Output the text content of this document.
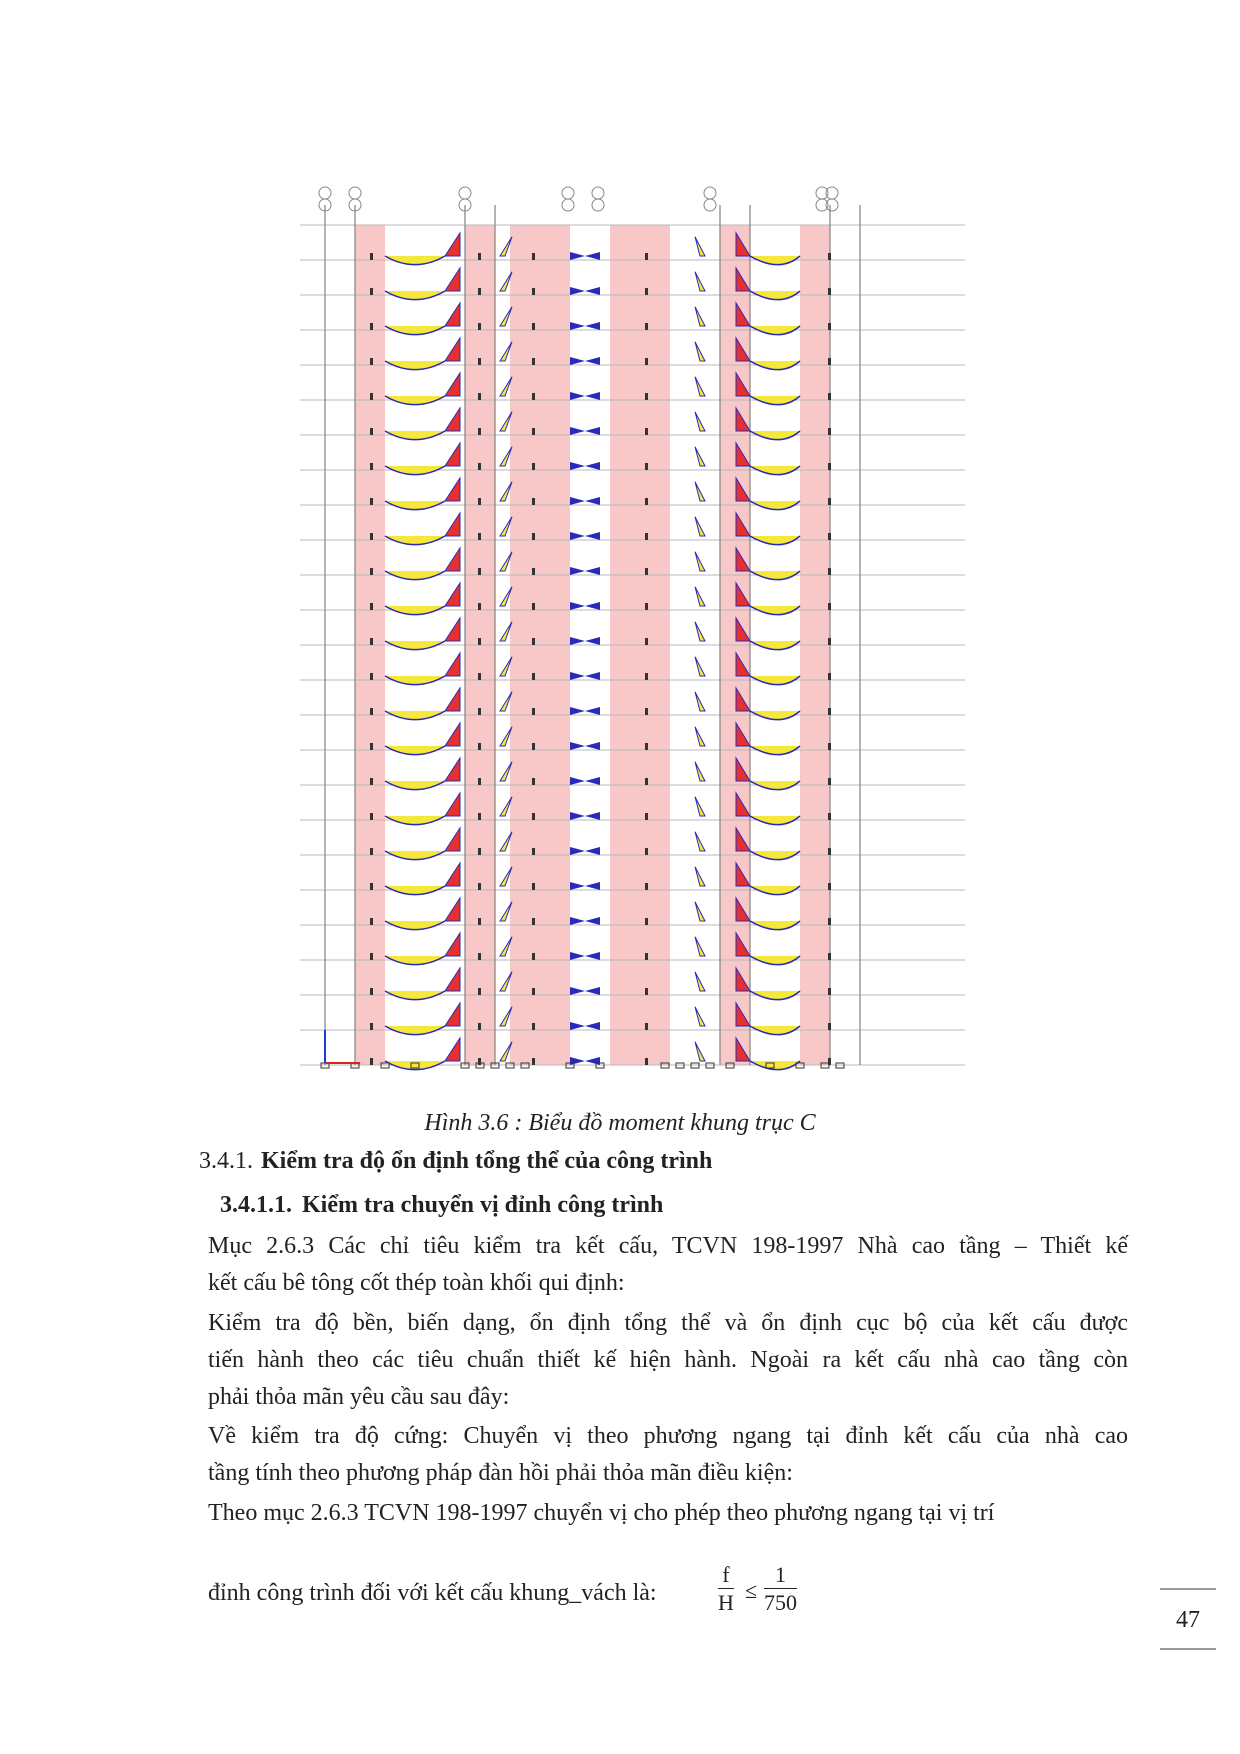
Hình 3.6 : Biểu đồ moment khung trục C
3.4.1. Kiểm tra độ ổn định tổng thể của công trình
3.4.1.1. Kiểm tra chuyển vị đỉnh công trình
Mục 2.6.3 Các chỉ tiêu kiểm tra kết cấu, TCVN 198-1997 Nhà cao tầng – Thiết kế
kết cấu bê tông cốt thép toàn khối qui định:
Kiểm tra độ bền, biến dạng, ổn định tổng thể và ổn định cục bộ của kết cấu được
tiến hành theo các tiêu chuẩn thiết kế hiện hành. Ngoài ra kết cấu nhà cao tầng còn
phải thỏa mãn yêu cầu sau đây:
Về kiểm tra độ cứng: Chuyển vị theo phương ngang tại đỉnh kết cấu của nhà cao
tầng tính theo phương pháp đàn hồi phải thỏa mãn điều kiện:
Theo mục 2.6.3 TCVN 198-1997 chuyển vị cho phép theo phương ngang tại vị trí
đỉnh công trình đối với kết cấu khung_vách là:	$\frac{f}{H} \le \frac{1}{750}$
47
